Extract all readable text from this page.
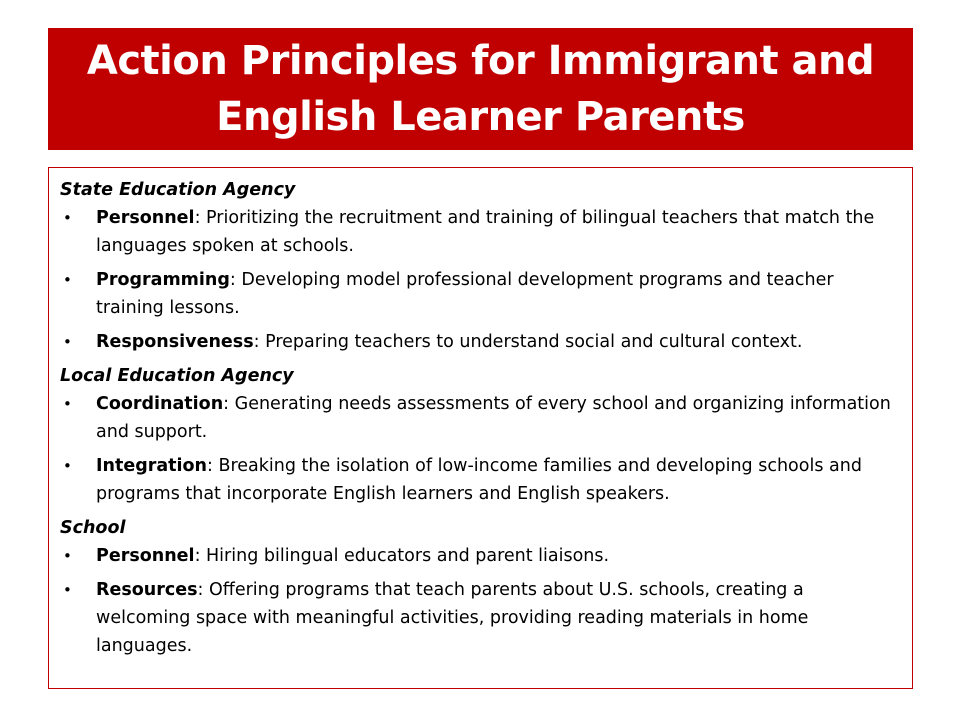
Action Principles for Immigrant and
English Learner Parents

State Education Agency

• Personnel: Prioritizing the recruitment and training of bilingual teachers that match the languages spoken at schools.
• Programming: Developing model professional development programs and teacher training lessons.
• Responsiveness: Preparing teachers to understand social and cultural context.

Local Education Agency

• Coordination: Generating needs assessments of every school and organizing information and support.
• Integration: Breaking the isolation of low-income families and developing schools and programs that incorporate English learners and English speakers.

School

• Personnel: Hiring bilingual educators and parent liaisons.
• Resources: Offering programs that teach parents about U.S. schools, creating a welcoming space with meaningful activities, providing reading materials in home languages.
